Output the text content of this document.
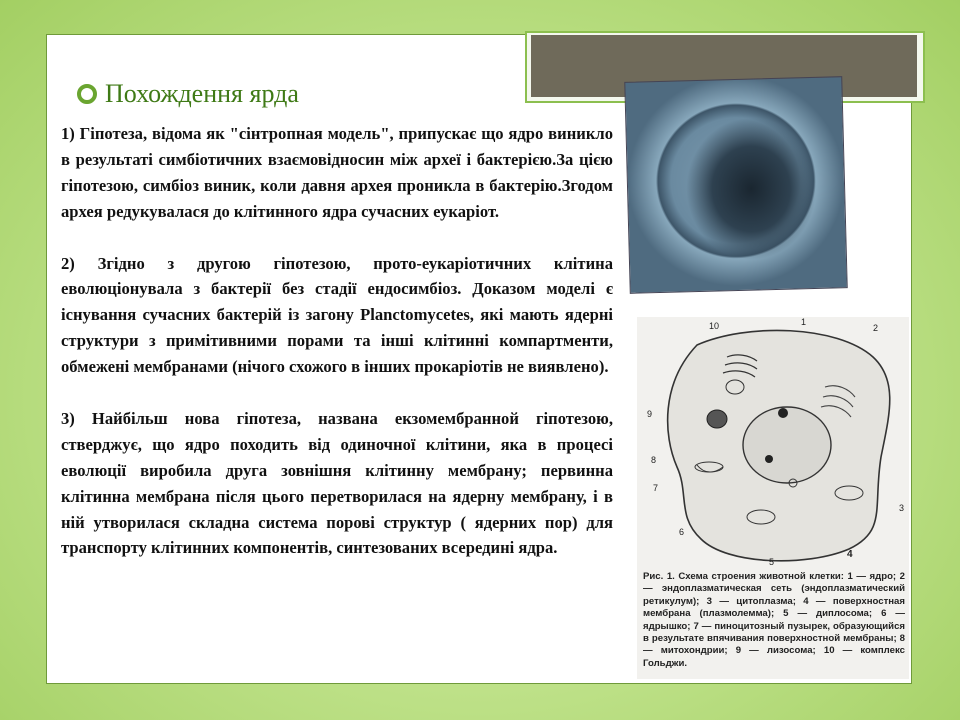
Похождення ярда

1) Гіпотеза, відома як "сінтропная модель", припускає що ядро виникло в результаті симбіотичних взаємовідносин між археї і бактерією.За цією гіпотезою, симбіоз виник, коли давня архея проникла в бактерію.Згодом архея редукувалася до клітинного ядра сучасних еукаріот.

2) Згідно з другою гіпотезою, прото-еукаріотичних клітина еволюціонувала з бактерії без стадії ендосимбіоз. Доказом моделі є існування сучасних бактерій із загону Planctomycetes, які мають ядерні структури з примітивними порами та інші клітинні компартменти, обмежені мембранами (нічого схожого в інших прокаріотів не виявлено).

3) Найбільш нова гіпотеза, названа екзомембранной гіпотезою, стверджує, що ядро походить від одиночної клітини, яка в процесі еволюції виробила друга зовнішня клітинну мембрану; первинна клітинна мембрана після цього перетворилася на ядерну мембрану, і в ній утворилася складна система порові структур ( ядерних пор) для транспорту клітинних компонентів, синтезованих всередині ядра.

10	1
2
9
8
7
6
5
4
3
Рис. 1. Схема строения животной клетки: 1 — ядро; 2 — эндоплазматическая сеть (эндоплазматический ретикулум); 3 — цитоплазма; 4 — поверхностная мембрана (плазмолемма); 5 — диплосома; 6 — ядрышко; 7 — пиноцитозный пузырек, образующийся в результате впячивания поверхностной мембраны; 8 — митохондрии; 9 — лизосома; 10 — комплекс Гольджи.
